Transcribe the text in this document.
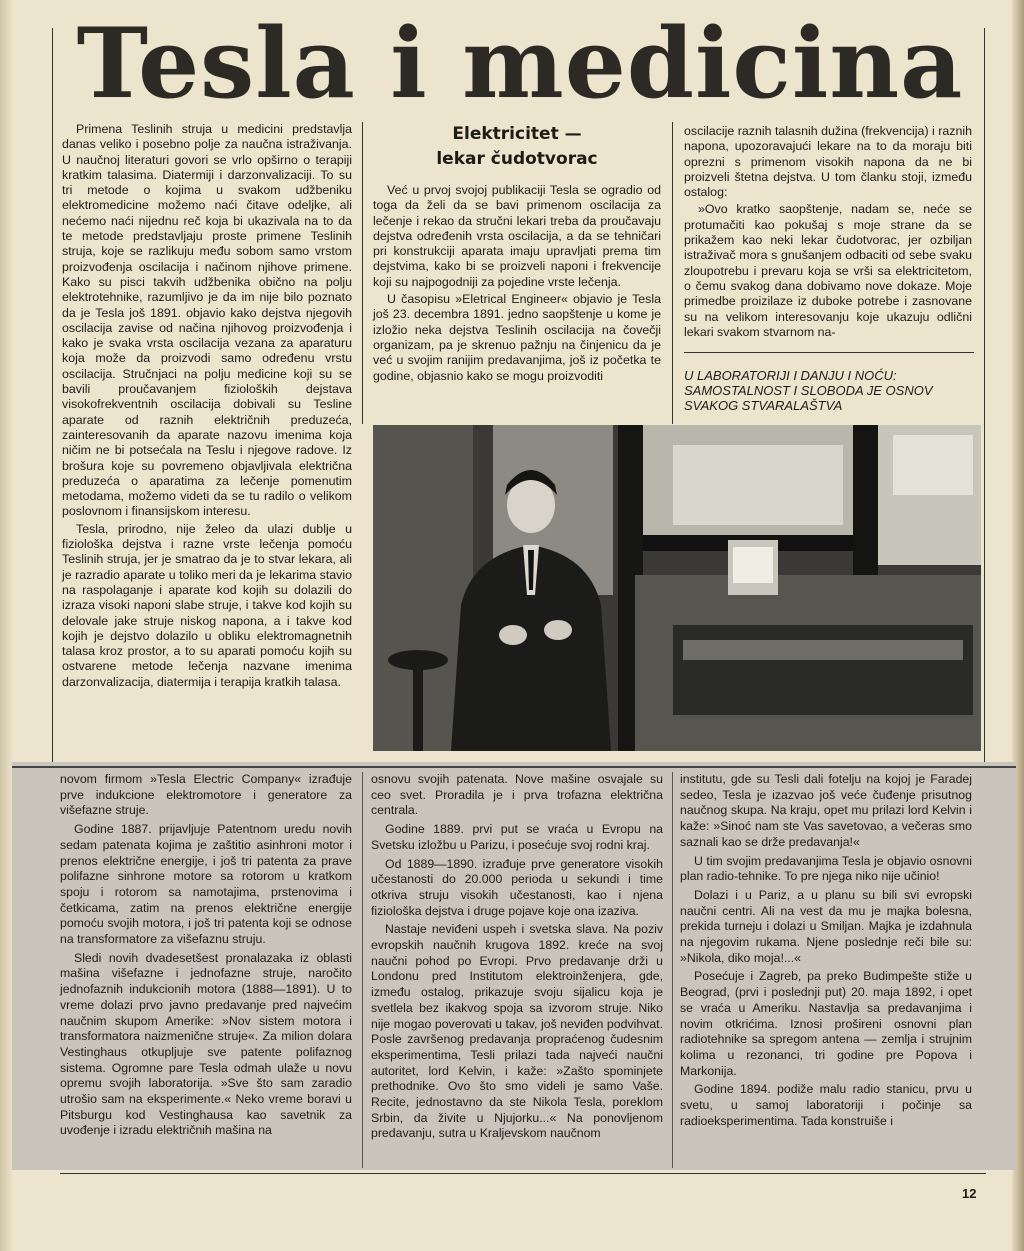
Tesla i medicina

Primena Teslinih struja u medicini predstavlja danas veliko i posebno polje za naučna istraživanja. U naučnoj literaturi govori se vrlo opširno o terapiji kratkim talasima. Diatermiji i darzonvalizaciji. To su tri metode o kojima u svakom udžbeniku elektromedicine možemo naći čitave odeljke, ali nećemo naći nijednu reč koja bi ukazivala na to da te metode predstavljaju proste primene Teslinih struja, koje se razlikuju među sobom samo vrstom proizvođenja oscilacija i načinom njihove primene. Kako su pisci takvih udžbenika obično na polju elektrotehnike, razumljivo je da im nije bilo poznato da je Tesla još 1891. objavio kako dejstva njegovih oscilacija zavise od načina njihovog proizvođenja i kako je svaka vrsta oscilacija vezana za aparaturu koja može da proizvodi samo određenu vrstu oscilacija. Stručnjaci na polju medicine koji su se bavili proučavanjem fizioloških dejstava visokofrekventnih oscilacija dobivali su Tesline aparate od raznih električnih preduzeća, zainteresovanih da aparate nazovu imenima koja ničim ne bi potsećala na Teslu i njegove radove. Iz brošura koje su povremeno objavljivala električna preduzeća o aparatima za lečenje pomenutim metodama, možemo videti da se tu radilo o velikom poslovnom i finansijskom interesu.

Tesla, prirodno, nije želeo da ulazi dublje u fiziološka dejstva i razne vrste lečenja pomoću Teslinih struja, jer je smatrao da je to stvar lekara, ali je razradio aparate u toliko meri da je lekarima stavio na raspolaganje i aparate kod kojih su dolazili do izraza visoki naponi slabe struje, i takve kod kojih su delovale jake struje niskog napona, a i takve kod kojih je dejstvo dolazilo u obliku elektromagnetnih talasa kroz prostor, a to su aparati pomoću kojih su ostvarene metode lečenja nazvane imenima darzonvalizacija, diatermija i terapija kratkih talasa.

Elektricitet —
lekar čudotvorac

Već u prvoj svojoj publikaciji Tesla se ogradio od toga da želi da se bavi primenom oscilacija za lečenje i rekao da stručni lekari treba da proučavaju dejstva određenih vrsta oscilacija, a da se tehničari pri konstrukciji aparata imaju upravljati prema tim dejstvima, kako bi se proizveli naponi i frekvencije koji su najpogodniji za pojedine vrste lečenja.

U časopisu »Eletrical Engineer« objavio je Tesla još 23. decembra 1891. jedno saopštenje u kome je izložio neka dejstva Teslinih oscilacija na čovečji organizam, pa je skrenuo pažnju na činjenicu da je već u svojim ranijim predavanjima, još iz početka te godine, objasnio kako se mogu proizvoditi

oscilacije raznih talasnih dužina (frekvencija) i raznih napona, upozoravajući lekare na to da moraju biti oprezni s primenom visokih napona da ne bi proizveli štetna dejstva. U tom članku stoji, između ostalog:

»Ovo kratko saopštenje, nadam se, neće se protumačiti kao pokušaj s moje strane da se prikažem kao neki lekar čudotvorac, jer ozbiljan istraživač mora s gnušanjem odbaciti od sebe svaku zloupotrebu i prevaru koja se vrši sa elektricitetom, o čemu svakog dana dobivamo nove dokaze. Moje primedbe proizilaze iz duboke potrebe i zasnovane su na velikom interesovanju koje ukazuju odlični lekari svakom stvarnom na-

U LABORATORIJI I DANJU I NOĆU: SAMOSTALNOST I SLOBODA JE OSNOV SVAKOG STVARALAŠTVA

novom firmom »Tesla Electric Company« izrađuje prve indukcione elektromotore i generatore za višefazne struje.

Godine 1887. prijavljuje Patentnom uredu novih sedam patenata kojima je zaštitio asinhroni motor i prenos električne energije, i još tri patenta za prave polifazne sinhrone motore sa rotorom u kratkom spoju i rotorom sa namotajima, prstenovima i četkicama, zatim na prenos električne energije pomoću svojih motora, i još tri patenta koji se odnose na transformatore za višefaznu struju.

Sledi novih dvadesetšest pronalazaka iz oblasti mašina višefazne i jednofazne struje, naročito jednofaznih indukcionih motora (1888—1891). U to vreme dolazi prvo javno predavanje pred najvećim naučnim skupom Amerike: »Nov sistem motora i transformatora naizmenične struje«. Za milion dolara Vestinghaus otkupljuje sve patente polifaznog sistema. Ogromne pare Tesla odmah ulaže u novu opremu svojih laboratorija. »Sve što sam zaradio utrošio sam na eksperimente.« Neko vreme boravi u Pitsburgu kod Vestinghausa kao savetnik za uvođenje i izradu električnih mašina na

osnovu svojih patenata. Nove mašine osvajale su ceo svet. Proradila je i prva trofazna električna centrala.

Godine 1889. prvi put se vraća u Evropu na Svetsku izložbu u Parizu, i posećuje svoj rodni kraj.

Od 1889—1890. izrađuje prve generatore visokih učestanosti do 20.000 perioda u sekundi i time otkriva struju visokih učestanosti, kao i njena fiziološka dejstva i druge pojave koje ona izaziva.

Nastaje neviđeni uspeh i svetska slava. Na poziv evropskih naučnih krugova 1892. kreće na svoj naučni pohod po Evropi. Prvo predavanje drži u Londonu pred Institutom elektroinženjera, gde, između ostalog, prikazuje svoju sijalicu koja je svetlela bez ikakvog spoja sa izvorom struje. Niko nije mogao poverovati u takav, još neviđen podvihvat. Posle završenog predavanja propraćenog čudesnim eksperimentima, Tesli prilazi tada najveći naučni autoritet, lord Kelvin, i kaže: »Zašto spominjete prethodnike. Ovo što smo videli je samo Vaše. Recite, jednostavno da ste Nikola Tesla, poreklom Srbin, da živite u Njujorku...« Na ponovljenom predavanju, sutra u Kraljevskom naučnom

institutu, gde su Tesli dali fotelju na kojoj je Faradej sedeo, Tesla je izazvao još veće čuđenje prisutnog naučnog skupa. Na kraju, opet mu prilazi lord Kelvin i kaže: »Sinoć nam ste Vas savetovao, a večeras smo saznali kao se drže predavanja!«

U tim svojim predavanjima Tesla je objavio osnovni plan radio-tehnike. To pre njega niko nije učinio!

Dolazi i u Pariz, a u planu su bili svi evropski naučni centri. Ali na vest da mu je majka bolesna, prekida turneju i dolazi u Smiljan. Majka je izdahnula na njegovim rukama. Njene poslednje reči bile su: »Nikola, diko moja!...«

Posećuje i Zagreb, pa preko Budimpešte stiže u Beograd, (prvi i poslednji put) 20. maja 1892, i opet se vraća u Ameriku. Nastavlja sa predavanjima i novim otkrićima. Iznosi prošireni osnovni plan radiotehnike sa spregom antena — zemlja i strujnim kolima u rezonanci, tri godine pre Popova i Markonija.

Godine 1894. podiže malu radio stanicu, prvu u svetu, u samoj laboratoriji i počinje sa radioeksperimentima. Tada konstruiše i

12
